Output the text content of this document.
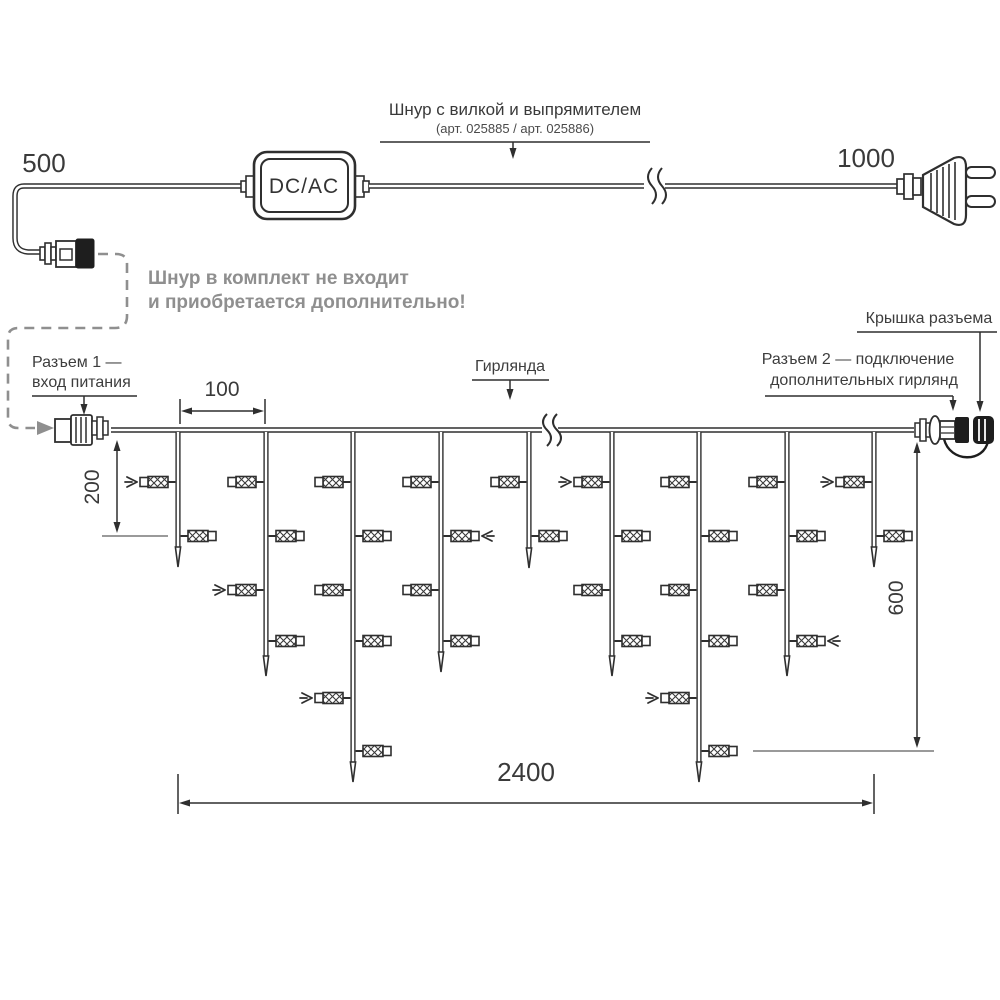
500
DC/AC
1000
Шнур с вилкой и выпрямителем
(арт. 025885 / арт. 025886)
Шнур в комплект не входит
и приобретается дополнительно!
Разъем 1 —
вход питания
Гирлянда
Крышка разъема
Разъем 2 — подключение
дополнительных гирлянд
100
200
600
2400
